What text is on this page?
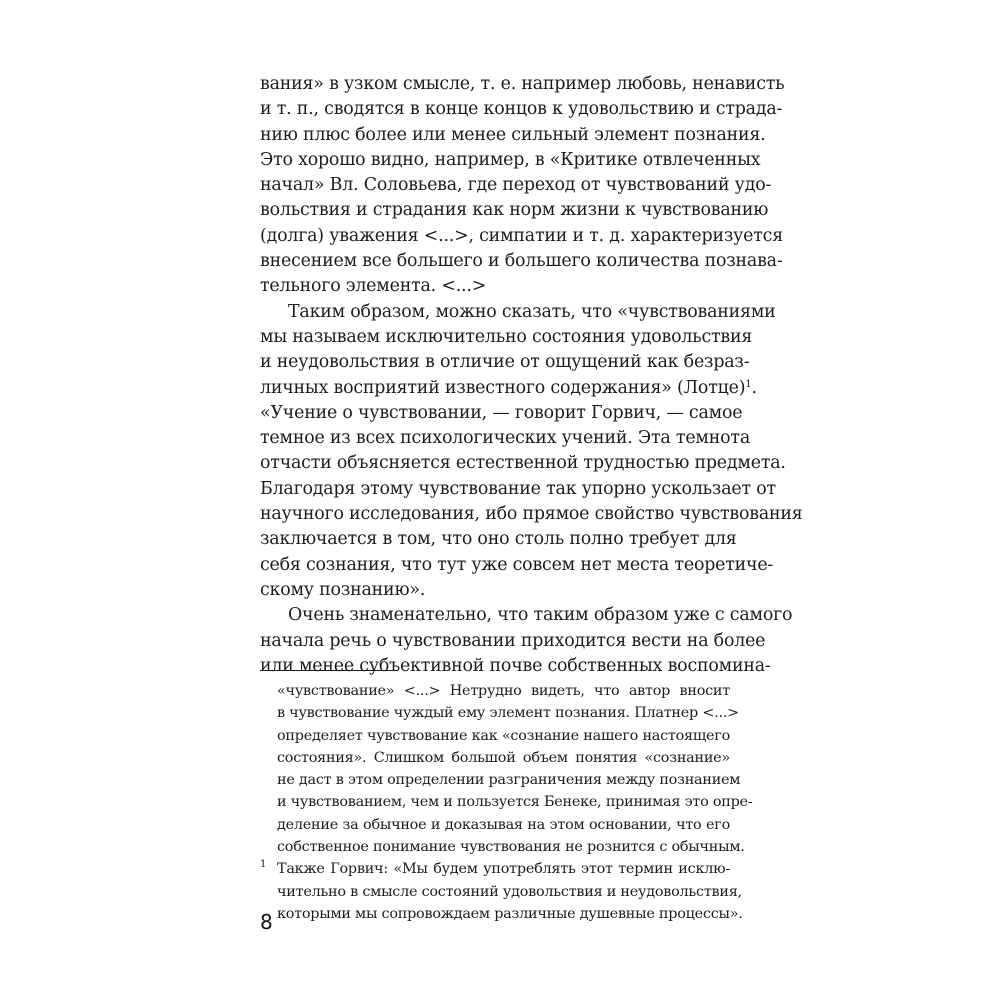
вания» в узком смысле, т. е. например любовь, ненависть
и т. п., сводятся в конце концов к удовольствию и страда-
нию плюс более или менее сильный элемент познания.
Это хорошо видно, например, в «Критике отвлеченных
начал» Вл. Соловьева, где переход от чувствований удо-
вольствия и страдания как норм жизни к чувствованию
(долга) уважения <...>, симпатии и т. д. характеризуется
внесением все большего и большего количества познава-
тельного элемента. <...>
Таким образом, можно сказать, что «чувствованиями
мы называем исключительно состояния удовольствия
и неудовольствия в отличие от ощущений как безраз-
личных восприятий известного содержания» (Лотце)$^1$.
«Учение о чувствовании, — говорит Горвич, — самое
темное из всех психологических учений. Эта темнота
отчасти объясняется естественной трудностью предмета.
Благодаря этому чувствование так упорно ускользает от
научного исследования, ибо прямое свойство чувствования
заключается в том, что оно столь полно требует для
себя сознания, что тут уже совсем нет места теоретиче-
скому познанию».
Очень знаменательно, что таким образом уже с самого
начала речь о чувствовании приходится вести на более
или менее субъективной почве собственных воспомина-
«чувствование» <...> Нетрудно видеть, что автор вносит
в чувствование чуждый ему элемент познания. Платнер <...>
определяет чувствование как «сознание нашего настоящего
состояния». Слишком большой объем понятия «сознание»
не даст в этом определении разграничения между познанием
и чувствованием, чем и пользуется Бенеке, принимая это опре-
деление за обычное и доказывая на этом основании, что его
собственное понимание чувствования не рознится с обычным.
1 Также Горвич: «Мы будем употреблять этот термин исклю-
чительно в смысле состояний удовольствия и неудовольствия,
которыми мы сопровождаем различные душевные процессы».
8
